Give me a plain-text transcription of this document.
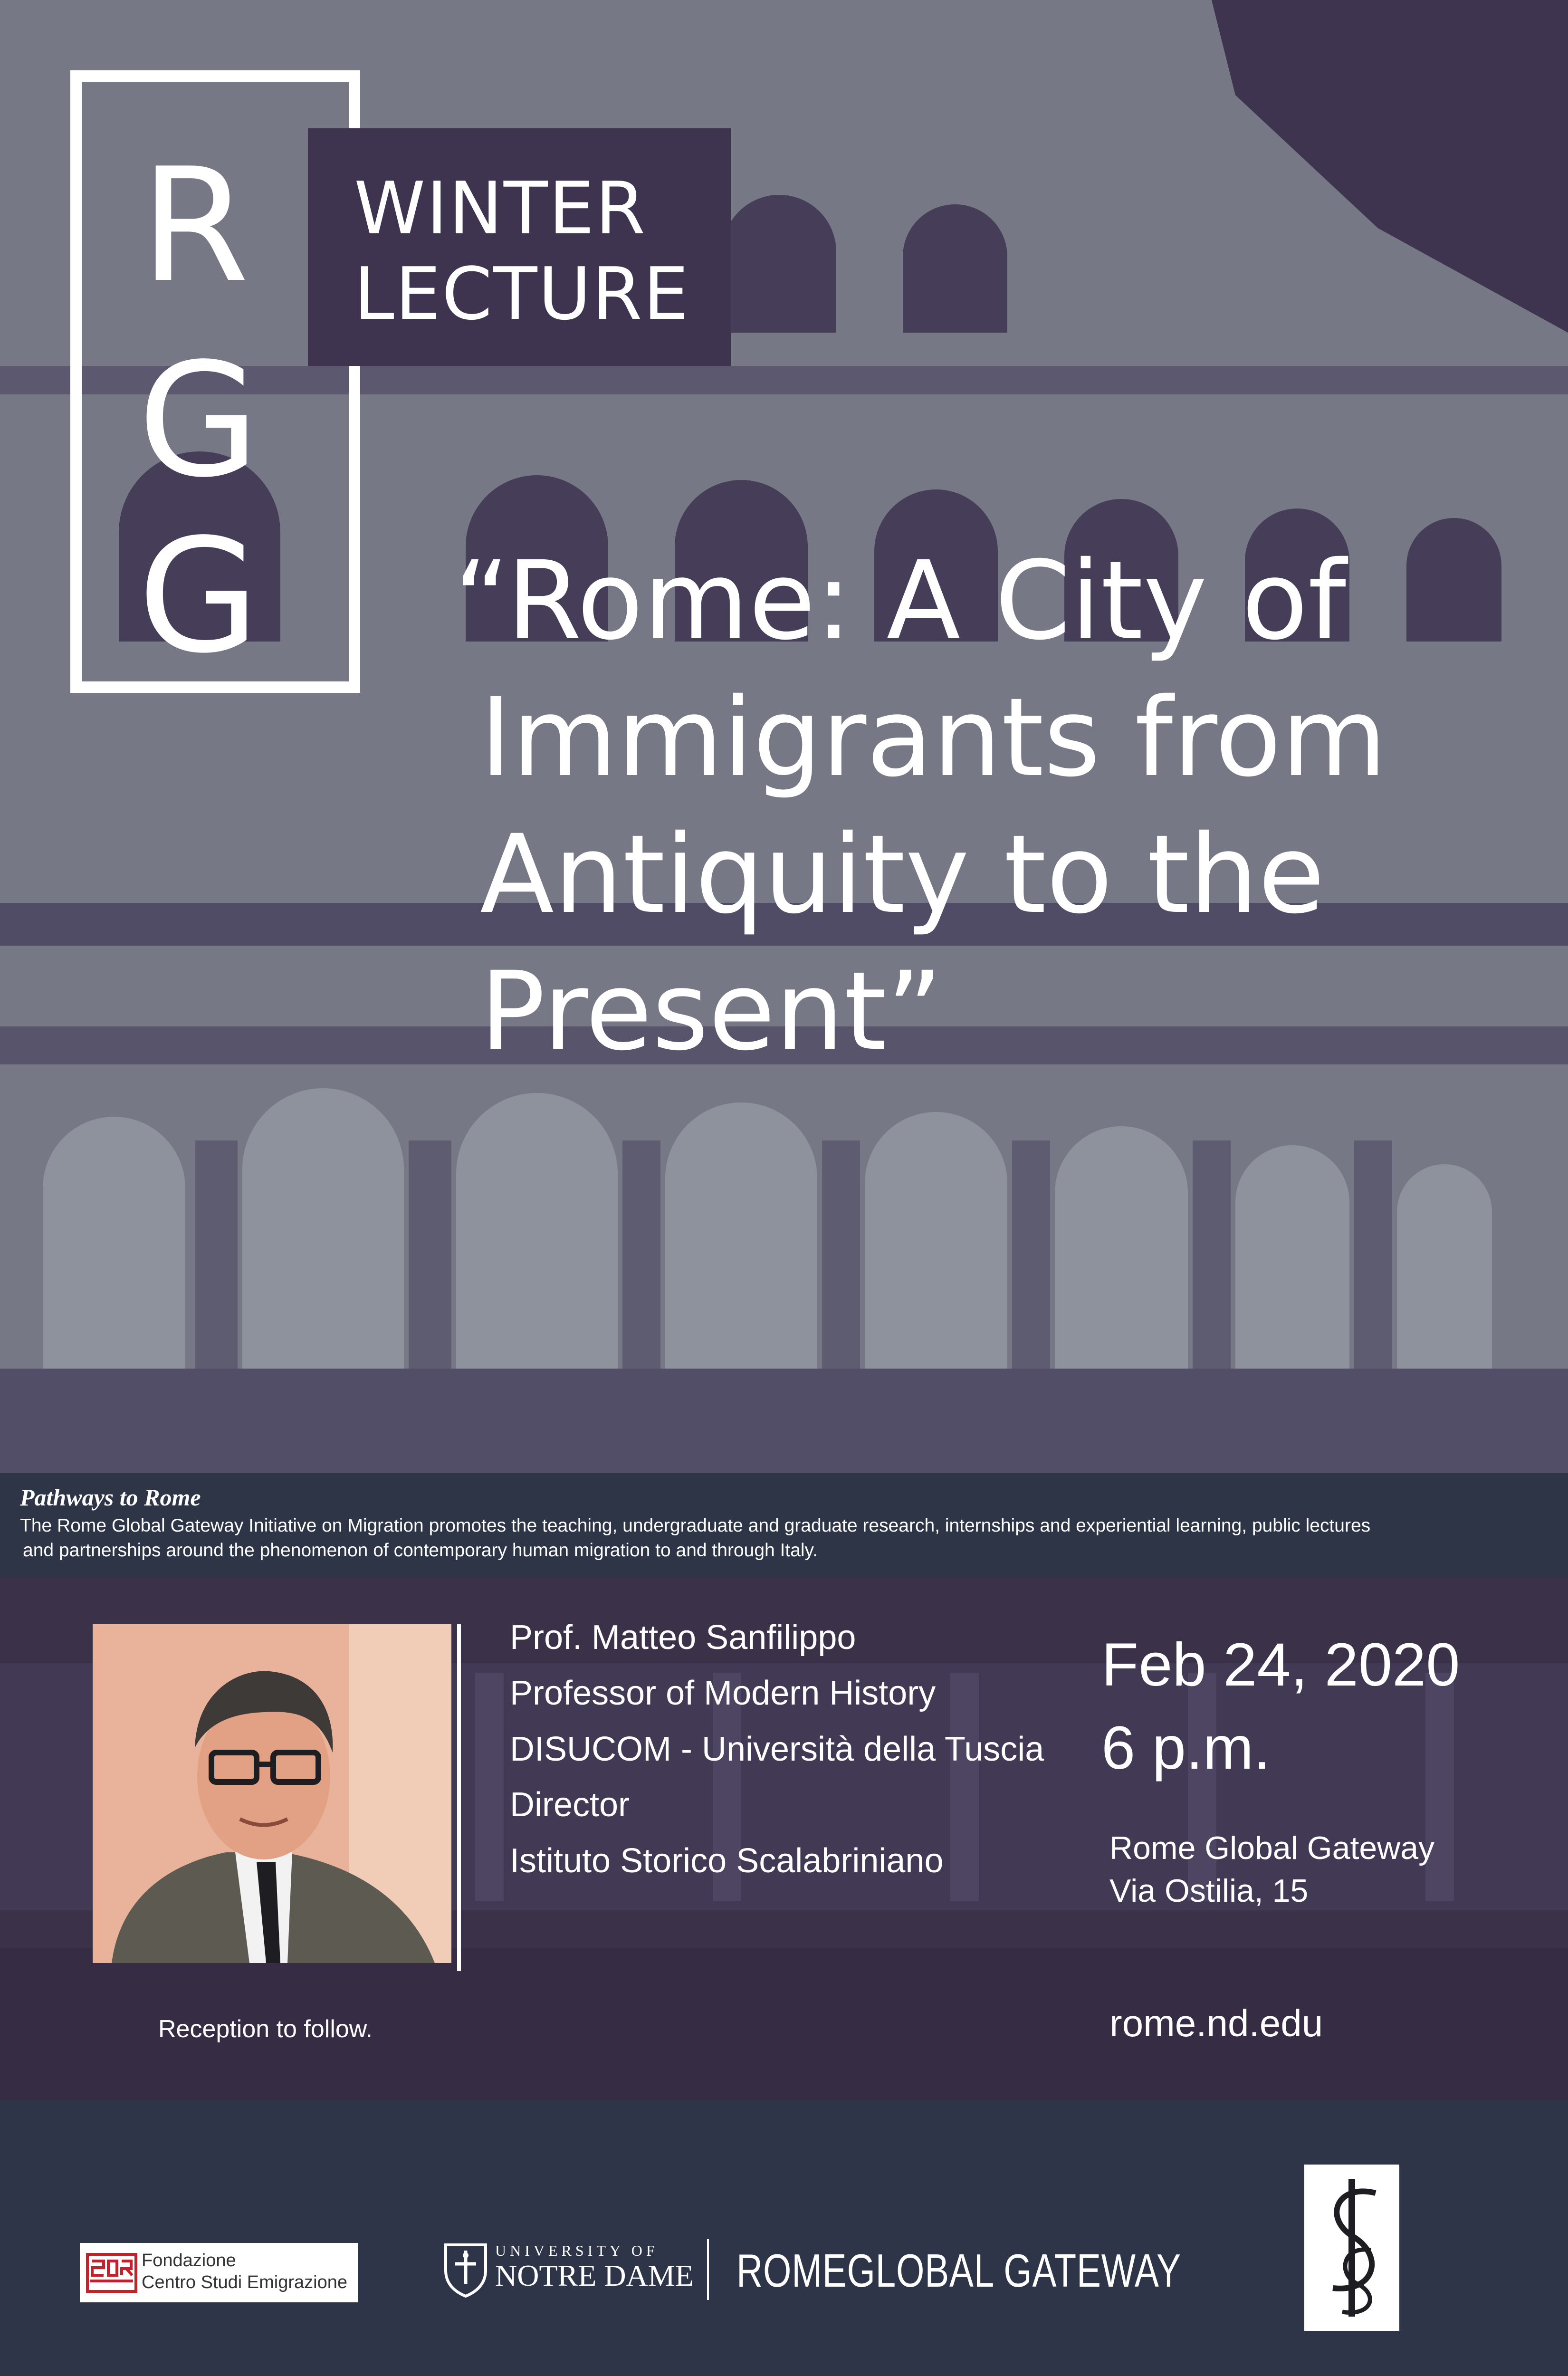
R
G
G
WINTER
LECTURE
“Rome: A City of
Immigrants from
Antiquity to the
Present”
Pathways to Rome
The Rome Global Gateway Initiative on Migration promotes the teaching, undergraduate and graduate research, internships and experiential learning, public lectures
and partnerships around the phenomenon of contemporary human migration to and through Italy.
Prof. Matteo Sanfilippo
Professor of Modern History
DISUCOM - Università della Tuscia
Director
Istituto Storico Scalabriniano
Feb 24, 2020
6 p.m.
Rome Global Gateway
Via Ostilia, 15
rome.nd.edu
Reception to follow.
Fondazione
Centro Studi Emigrazione
UNIVERSITY OF
NOTRE DAME ROMEGLOBAL GATEWAY
